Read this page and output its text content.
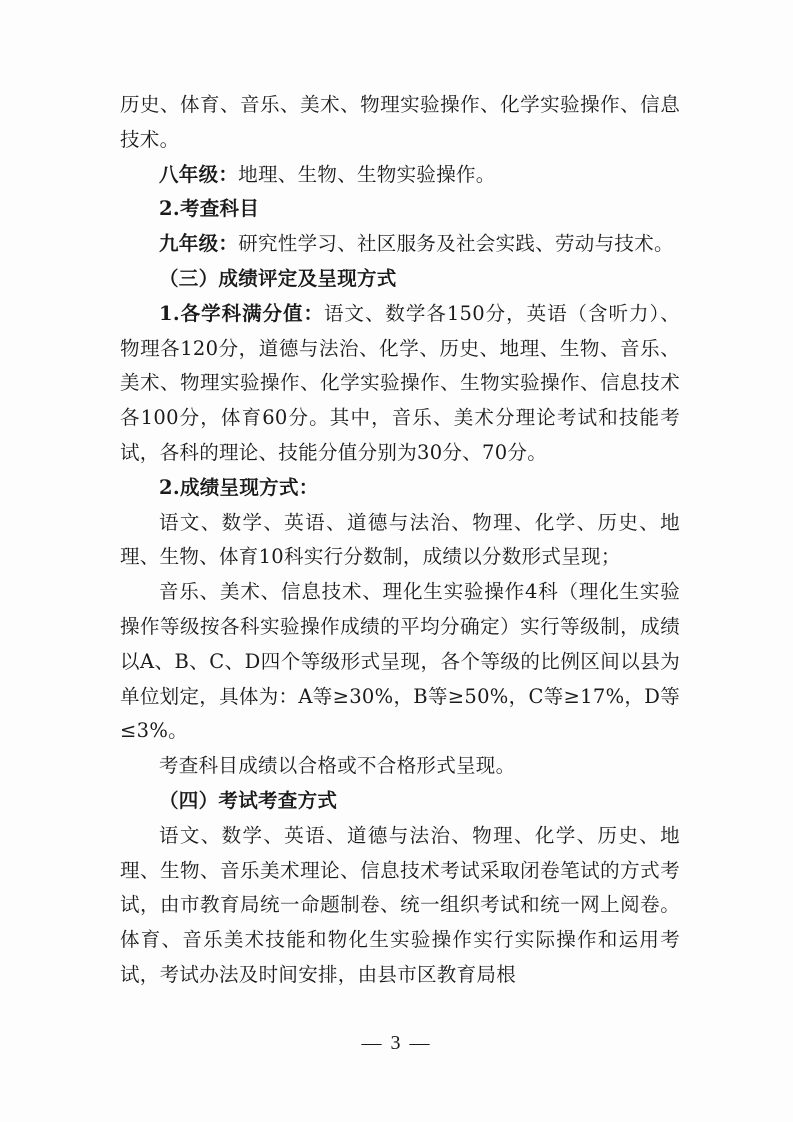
历史、体育、音乐、美术、物理实验操作、化学实验操作、信息技术。

八年级：地理、生物、生物实验操作。

2.考查科目

九年级：研究性学习、社区服务及社会实践、劳动与技术。

（三）成绩评定及呈现方式

1.各学科满分值：语文、数学各150分，英语（含听力）、物理各120分，道德与法治、化学、历史、地理、生物、音乐、美术、物理实验操作、化学实验操作、生物实验操作、信息技术各100分，体育60分。其中，音乐、美术分理论考试和技能考试，各科的理论、技能分值分别为30分、70分。

2.成绩呈现方式：

语文、数学、英语、道德与法治、物理、化学、历史、地理、生物、体育10科实行分数制，成绩以分数形式呈现；

音乐、美术、信息技术、理化生实验操作4科（理化生实验操作等级按各科实验操作成绩的平均分确定）实行等级制，成绩以A、B、C、D四个等级形式呈现，各个等级的比例区间以县为单位划定，具体为：A等≥30%，B等≥50%，C等≥17%，D等≤3%。

考查科目成绩以合格或不合格形式呈现。

（四）考试考查方式

语文、数学、英语、道德与法治、物理、化学、历史、地理、生物、音乐美术理论、信息技术考试采取闭卷笔试的方式考试，由市教育局统一命题制卷、统一组织考试和统一网上阅卷。体育、音乐美术技能和物化生实验操作实行实际操作和运用考试，考试办法及时间安排，由县市区教育局根

— 3 —
